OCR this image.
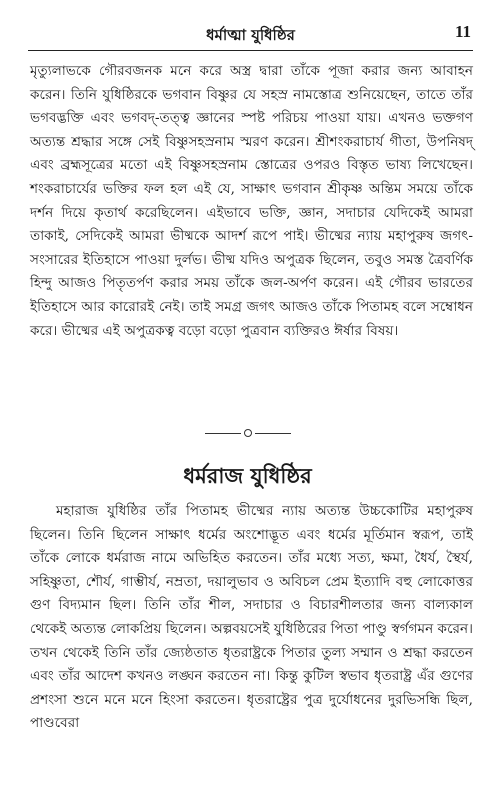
ধর্মাত্মা যুধিষ্ঠির	11

মৃত্যুলাভকে গৌরবজনক মনে করে অস্ত্র দ্বারা তাঁকে পূজা করার জন্য আবাহন করেন। তিনি যুধিষ্ঠিরকে ভগবান বিষ্ণুর যে সহস্র নামস্তোত্র শুনিয়েছেন, তাতে তাঁর ভগবদ্ভক্তি এবং ভগবদ্‌-তত্ত্ব জ্ঞানের স্পষ্ট পরিচয় পাওয়া যায়। এখনও ভক্তগণ অত্যন্ত শ্রদ্ধার সঙ্গে সেই বিষ্ণুসহস্রনাম স্মরণ করেন। শ্রীশংকরাচার্য গীতা, উপনিষদ্‌ এবং ব্রহ্মসূত্রের মতো এই বিষ্ণুসহস্রনাম স্তোত্রের ওপরও বিস্তৃত ভাষ্য লিখেছেন। শংকরাচার্যের ভক্তির ফল হল এই যে, সাক্ষাৎ ভগবান শ্রীকৃষ্ণ অন্তিম সময়ে তাঁকে দর্শন দিয়ে কৃতার্থ করেছিলেন। এইভাবে ভক্তি, জ্ঞান, সদাচার যেদিকেই আমরা তাকাই, সেদিকেই আমরা ভীষ্মকে আদর্শ রূপে পাই। ভীষ্মের ন্যায় মহাপুরুষ জগৎ-সংসারের ইতিহাসে পাওয়া দুর্লভ। ভীষ্ম যদিও অপুত্রক ছিলেন, তবুও সমস্ত ত্রৈবর্ণিক হিন্দু আজও পিতৃতর্পণ করার সময় তাঁকে জল-অর্পণ করেন। এই গৌরব ভারতের ইতিহাসে আর কারোরই নেই। তাই সমগ্র জগৎ আজও তাঁকে পিতামহ বলে সম্বোধন করে। ভীষ্মের এই অপুত্রকত্ব বড়ো বড়ো পুত্রবান ব্যক্তিরও ঈর্ষার বিষয়।

ধর্মরাজ যুধিষ্ঠির

মহারাজ যুধিষ্ঠির তাঁর পিতামহ ভীষ্মের ন্যায় অত্যন্ত উচ্চকোটির মহাপুরুষ ছিলেন। তিনি ছিলেন সাক্ষাৎ ধর্মের অংশোদ্ভূত এবং ধর্মের মূর্তিমান স্বরূপ, তাই তাঁকে লোকে ধর্মরাজ নামে অভিহিত করতেন। তাঁর মধ্যে সত্য, ক্ষমা, ধৈর্য, স্থৈর্য, সহিষ্ণুতা, শৌর্য, গাম্ভীর্য, নম্রতা, দয়ালুভাব ও অবিচল প্রেম ইত্যাদি বহু লোকোত্তর গুণ বিদ্যমান ছিল। তিনি তাঁর শীল, সদাচার ও বিচারশীলতার জন্য বাল্যকাল থেকেই অত্যন্ত লোকপ্রিয় ছিলেন। অল্পবয়সেই যুধিষ্ঠিরের পিতা পাণ্ডু স্বর্গগমন করেন। তখন থেকেই তিনি তাঁর জ্যেষ্ঠতাত ধৃতরাষ্ট্রকে পিতার তুল্য সম্মান ও শ্রদ্ধা করতেন এবং তাঁর আদেশ কখনও লঙ্ঘন করতেন না। কিন্তু কুটিল স্বভাব ধৃতরাষ্ট্র এঁর গুণের প্রশংসা শুনে মনে মনে হিংসা করতেন। ধৃতরাষ্ট্রের পুত্র দুর্যোধনের দুরভিসন্ধি ছিল, পাণ্ডবেরা
